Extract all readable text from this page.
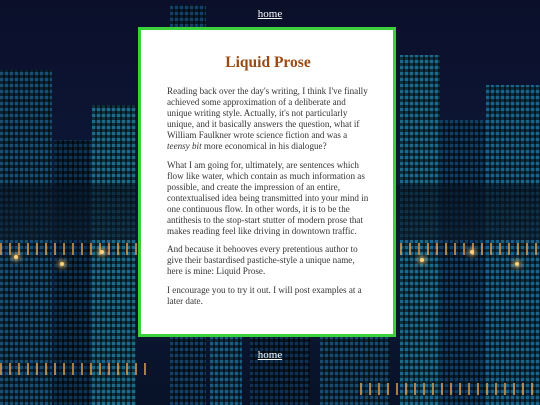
home
Liquid Prose

Reading back over the day's writing, I think I've finally achieved some approximation of a deliberate and unique writing style. Actually, it's not particularly unique, and it basically answers the question, what if William Faulkner wrote science fiction and was a teensy bit more economical in his dialogue?

What I am going for, ultimately, are sentences which flow like water, which contain as much information as possible, and create the impression of an entire, contextualised idea being transmitted into your mind in one continuous flow. In other words, it is to be the antithesis to the stop-start stutter of modern prose that makes reading feel like driving in downtown traffic.

And because it behooves every pretentious author to give their bastardised pastiche-style a unique name, here is mine: Liquid Prose.

I encourage you to try it out. I will post examples at a later date.

home
